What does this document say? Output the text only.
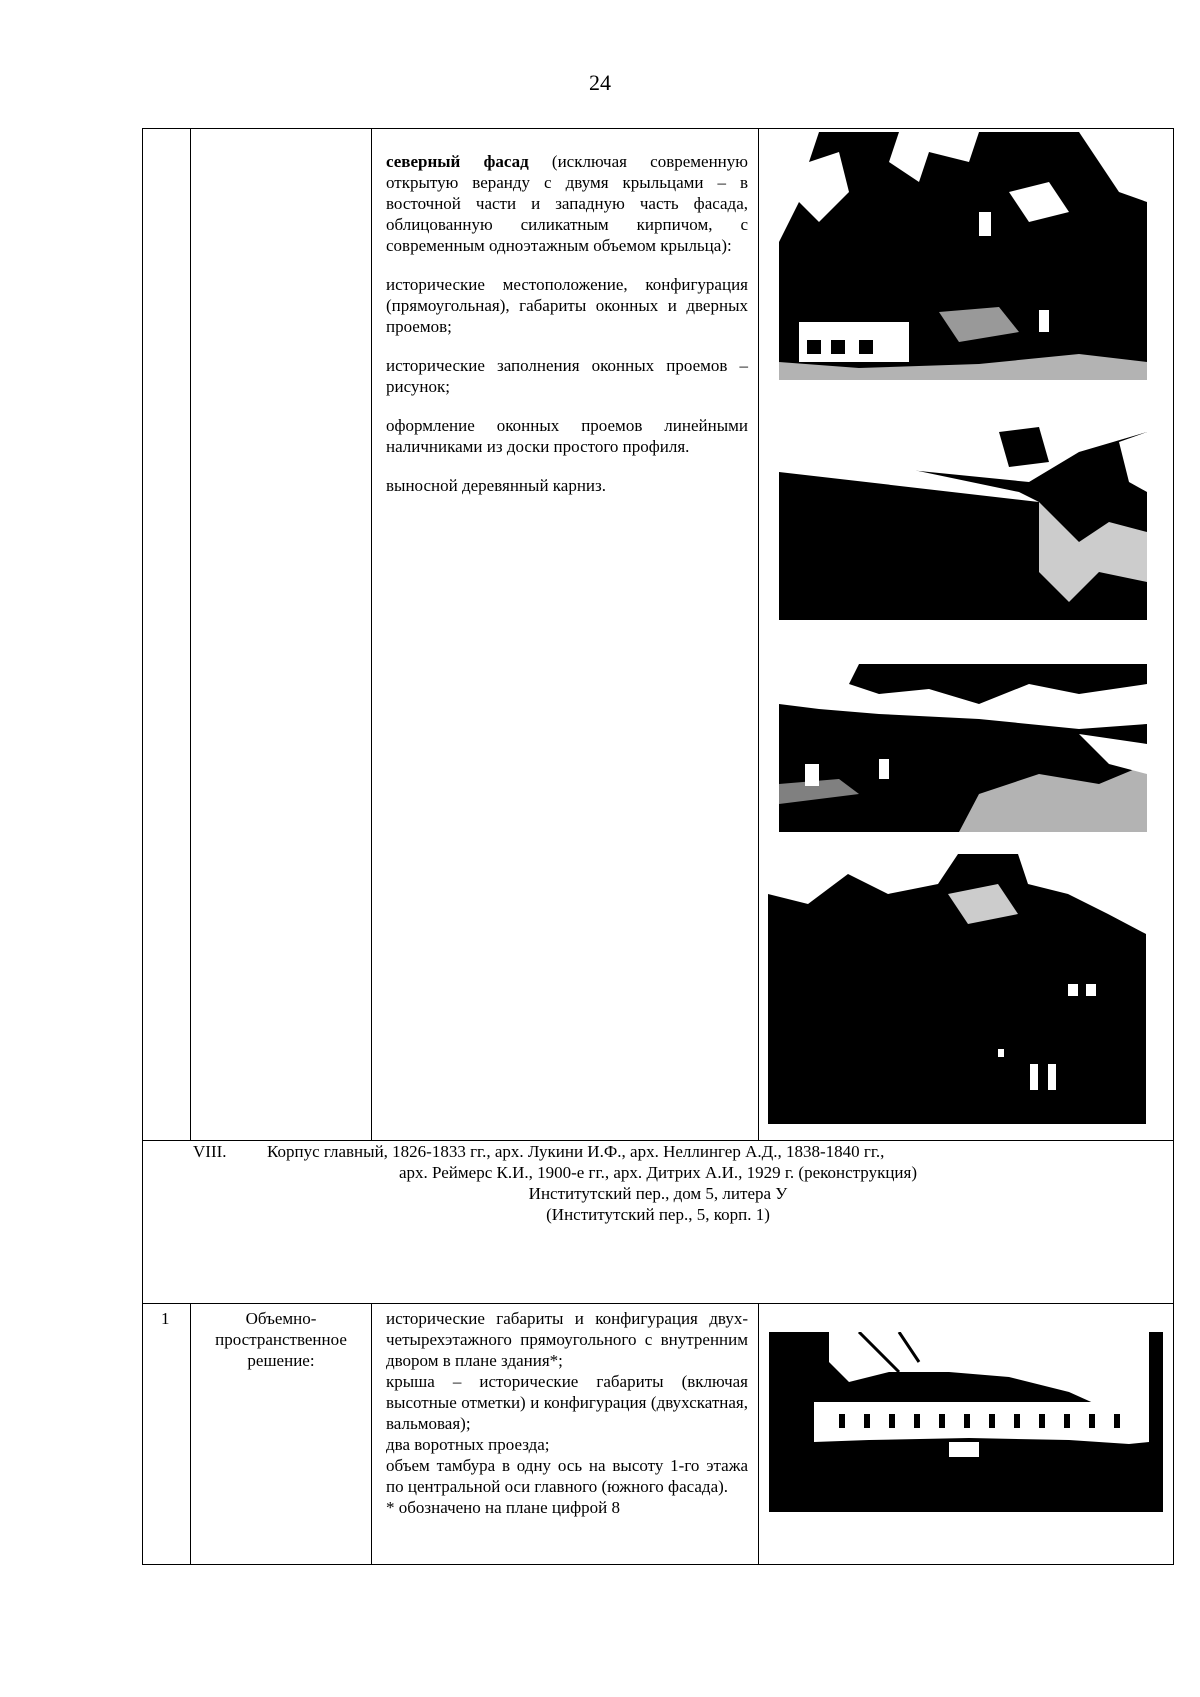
24

		северный фасад (исключая современную открытую веранду с двумя крыльцами – в восточной части и западную часть фасада, облицованную силикатным кирпичом, с современным одноэтажным объемом крыльца):

исторические местоположение, конфигурация (прямоугольная), габариты оконных и дверных проемов;

исторические заполнения оконных проемов – рисунок;

оформление оконных проемов линейными наличниками из доски простого профиля.

выносной деревянный карниз.

VIII. Корпус главный, 1826-1833 гг., арх. Лукини И.Ф., арх. Неллингер А.Д., 1838-1840 гг.,
арх. Реймерс К.И., 1900-е гг., арх. Дитрих А.И., 1929 г. (реконструкция)
Институтский пер., дом 5, литера У
(Институтский пер., 5, корп. 1)			

1	Объемно-пространственное решение:	исторические габариты и конфигурация двух-четырехэтажного прямоугольного с внутренним двором в плане здания*;

крыша – исторические габариты (включая высотные отметки) и конфигурация (двухскатная, вальмовая);

два воротных проезда;

объем тамбура в одну ось на высоту 1-го этажа по центральной оси главного (южного фасада).

* обозначено на плане цифрой 8
